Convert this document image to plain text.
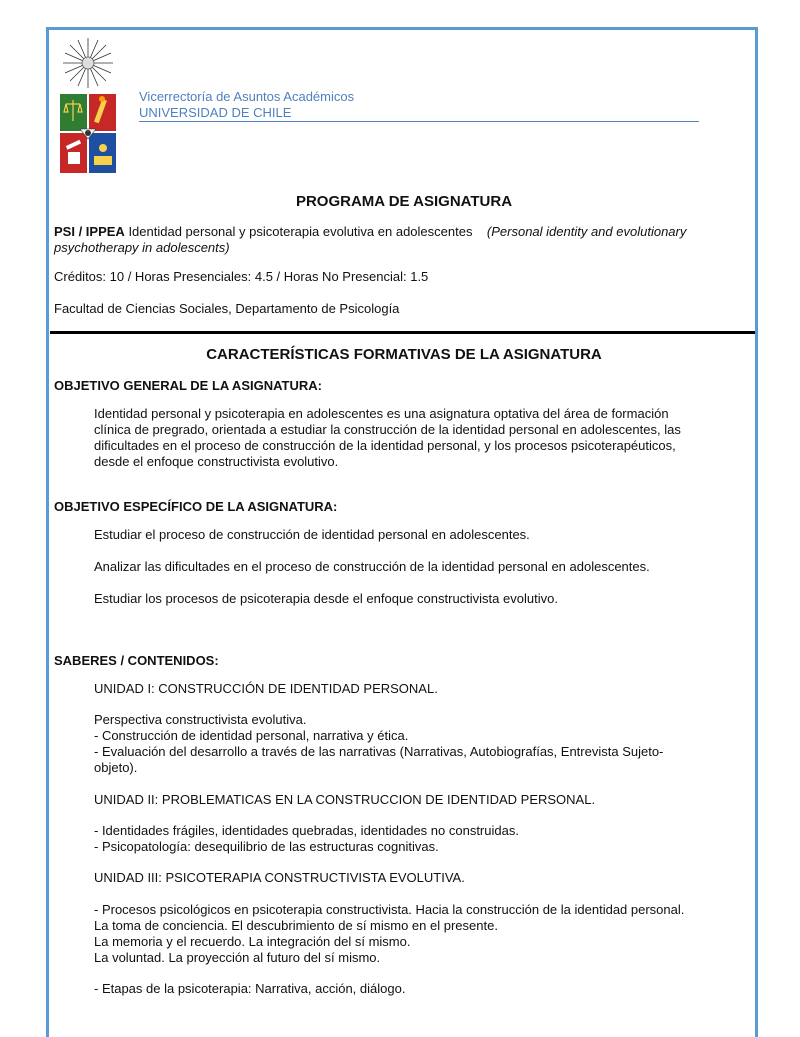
Vicerrectoría de Asuntos Académicos
UNIVERSIDAD DE CHILE
PROGRAMA DE ASIGNATURA
PSI / IPPEA Identidad personal y psicoterapia evolutiva en adolescentes (Personal identity and evolutionary psychotherapy in adolescents)
Créditos: 10 / Horas Presenciales: 4.5 / Horas No Presencial: 1.5
Facultad de Ciencias Sociales, Departamento de Psicología
CARACTERÍSTICAS FORMATIVAS DE LA ASIGNATURA
OBJETIVO GENERAL DE LA ASIGNATURA:
Identidad personal y psicoterapia en adolescentes es una asignatura optativa del área de formación
clínica de pregrado, orientada a estudiar la construcción de la identidad personal en adolescentes, las
dificultades en el proceso de construcción de la identidad personal, y los procesos psicoterapéuticos,
desde el enfoque constructivista evolutivo.
OBJETIVO ESPECÍFICO DE LA ASIGNATURA:
Estudiar el proceso de construcción de identidad personal en adolescentes.
Analizar las dificultades en el proceso de construcción de la identidad personal en adolescentes.
Estudiar los procesos de psicoterapia desde el enfoque constructivista evolutivo.
SABERES / CONTENIDOS:
UNIDAD I: CONSTRUCCIÓN DE IDENTIDAD PERSONAL.
Perspectiva constructivista evolutiva.
- Construcción de identidad personal, narrativa y ética.
- Evaluación del desarrollo a través de las narrativas (Narrativas, Autobiografías, Entrevista Sujeto-
objeto).
UNIDAD II: PROBLEMATICAS EN LA CONSTRUCCION DE IDENTIDAD PERSONAL.
- Identidades frágiles, identidades quebradas, identidades no construidas.
- Psicopatología: desequilibrio de las estructuras cognitivas.
UNIDAD III: PSICOTERAPIA CONSTRUCTIVISTA EVOLUTIVA.
- Procesos psicológicos en psicoterapia constructivista. Hacia la construcción de la identidad personal.
La toma de conciencia. El descubrimiento de sí mismo en el presente.
La memoria y el recuerdo. La integración del sí mismo.
La voluntad. La proyección al futuro del sí mismo.
- Etapas de la psicoterapia: Narrativa, acción, diálogo.
